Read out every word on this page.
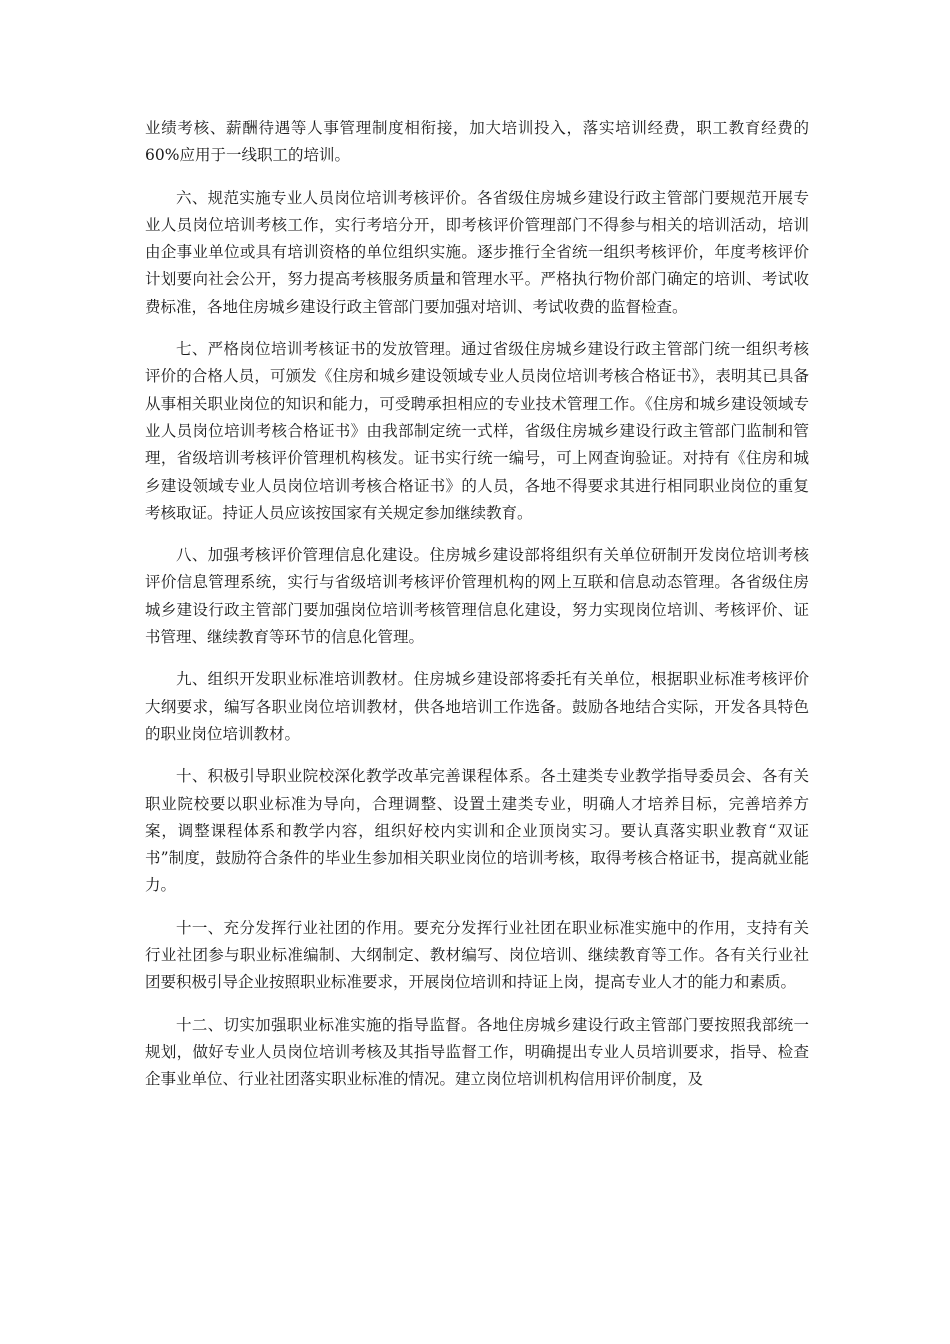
业绩考核、薪酬待遇等人事管理制度相衔接，加大培训投入，落实培训经费，职工教育经费的60%应用于一线职工的培训。

六、规范实施专业人员岗位培训考核评价。各省级住房城乡建设行政主管部门要规范开展专业人员岗位培训考核工作，实行考培分开，即考核评价管理部门不得参与相关的培训活动，培训由企事业单位或具有培训资格的单位组织实施。逐步推行全省统一组织考核评价，年度考核评价计划要向社会公开，努力提高考核服务质量和管理水平。严格执行物价部门确定的培训、考试收费标准，各地住房城乡建设行政主管部门要加强对培训、考试收费的监督检查。

七、严格岗位培训考核证书的发放管理。通过省级住房城乡建设行政主管部门统一组织考核评价的合格人员，可颁发《住房和城乡建设领域专业人员岗位培训考核合格证书》，表明其已具备从事相关职业岗位的知识和能力，可受聘承担相应的专业技术管理工作。《住房和城乡建设领域专业人员岗位培训考核合格证书》由我部制定统一式样，省级住房城乡建设行政主管部门监制和管理，省级培训考核评价管理机构核发。证书实行统一编号，可上网查询验证。对持有《住房和城乡建设领域专业人员岗位培训考核合格证书》的人员，各地不得要求其进行相同职业岗位的重复考核取证。持证人员应该按国家有关规定参加继续教育。

八、加强考核评价管理信息化建设。住房城乡建设部将组织有关单位研制开发岗位培训考核评价信息管理系统，实行与省级培训考核评价管理机构的网上互联和信息动态管理。各省级住房城乡建设行政主管部门要加强岗位培训考核管理信息化建设，努力实现岗位培训、考核评价、证书管理、继续教育等环节的信息化管理。

九、组织开发职业标准培训教材。住房城乡建设部将委托有关单位，根据职业标准考核评价大纲要求，编写各职业岗位培训教材，供各地培训工作选备。鼓励各地结合实际，开发各具特色的职业岗位培训教材。

十、积极引导职业院校深化教学改革完善课程体系。各土建类专业教学指导委员会、各有关职业院校要以职业标准为导向，合理调整、设置土建类专业，明确人才培养目标，完善培养方案，调整课程体系和教学内容，组织好校内实训和企业顶岗实习。要认真落实职业教育“双证书”制度，鼓励符合条件的毕业生参加相关职业岗位的培训考核，取得考核合格证书，提高就业能力。

十一、充分发挥行业社团的作用。要充分发挥行业社团在职业标准实施中的作用，支持有关行业社团参与职业标准编制、大纲制定、教材编写、岗位培训、继续教育等工作。各有关行业社团要积极引导企业按照职业标准要求，开展岗位培训和持证上岗，提高专业人才的能力和素质。

十二、切实加强职业标准实施的指导监督。各地住房城乡建设行政主管部门要按照我部统一规划，做好专业人员岗位培训考核及其指导监督工作，明确提出专业人员培训要求，指导、检查企事业单位、行业社团落实职业标准的情况。建立岗位培训机构信用评价制度，及
